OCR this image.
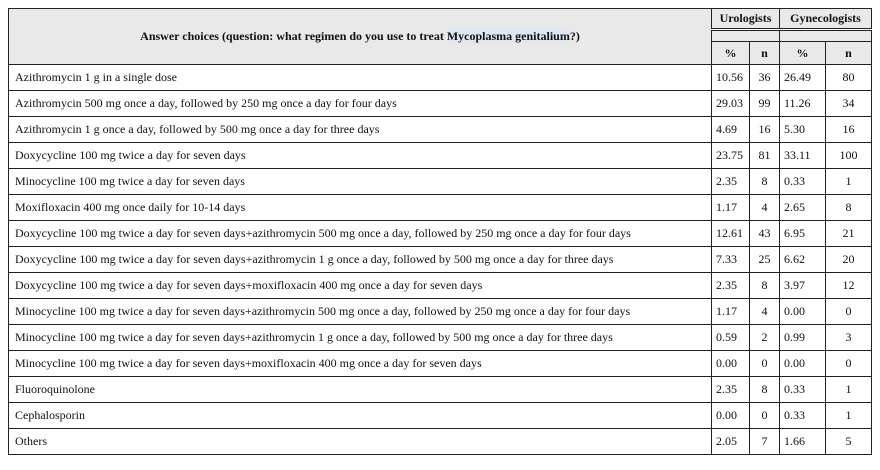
Answer choices (question: what regimen do you use to treat Mycoplasma genitalium?)	Urologists		Gynecologists	

	%	n	%	n
Azithromycin 1 g in a single dose	10.56	36	26.49	80
Azithromycin 500 mg once a day, followed by 250 mg once a day for four days	29.03	99	11.26	34
Azithromycin 1 g once a day, followed by 500 mg once a day for three days	4.69	16	5.30	16
Doxycycline 100 mg twice a day for seven days	23.75	81	33.11	100
Minocycline 100 mg twice a day for seven days	2.35	8	0.33	1
Moxifloxacin 400 mg once daily for 10-14 days	1.17	4	2.65	8
Doxycycline 100 mg twice a day for seven days+azithromycin 500 mg once a day, followed by 250 mg once a day for four days	12.61	43	6.95	21
Doxycycline 100 mg twice a day for seven days+azithromycin 1 g once a day, followed by 500 mg once a day for three days	7.33	25	6.62	20
Doxycycline 100 mg twice a day for seven days+moxifloxacin 400 mg once a day for seven days	2.35	8	3.97	12
Minocycline 100 mg twice a day for seven days+azithromycin 500 mg once a day, followed by 250 mg once a day for four days	1.17	4	0.00	0
Minocycline 100 mg twice a day for seven days+azithromycin 1 g once a day, followed by 500 mg once a day for three days	0.59	2	0.99	3
Minocycline 100 mg twice a day for seven days+moxifloxacin 400 mg once a day for seven days	0.00	0	0.00	0
Fluoroquinolone	2.35	8	0.33	1
Cephalosporin	0.00	0	0.33	1
Others	2.05	7	1.66	5
